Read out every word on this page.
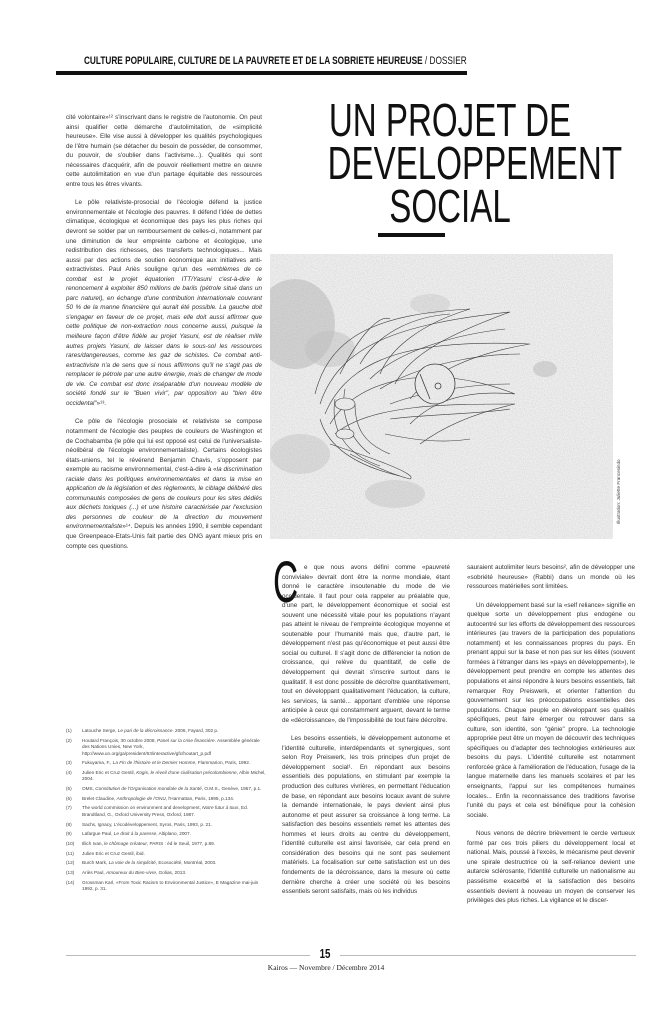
CULTURE POPULAIRE, CULTURE DE LA PAUVRETE ET DE LA SOBRIETE HEUREUSE / DOSSIER

cité volontaire»¹² s'inscrivant dans le registre de l'autonomie. On peut ainsi qualifier cette démarche d'autolimitation, de «simplicité heureuse». Elle vise aussi à développer les qualités psychologiques de l'être humain (se détacher du besoin de posséder, de consommer, du pouvoir, de s'oublier dans l'activisme...). Qualités qui sont nécessaires d'acquérir, afin de pouvoir réellement mettre en œuvre cette autolimitation en vue d'un partage équitable des ressources entre tous les êtres vivants.

Le pôle relativiste-prosocial de l'écologie défend la justice environnementale et l'écologie des pauvres. Il défend l'idée de dettes climatique, écologique et économique des pays les plus riches qui devront se solder par un remboursement de celles-ci, notamment par une diminution de leur empreinte carbone et écologique, une redistribution des richesses, des transferts technologiques... Mais aussi par des actions de soutien économique aux initiatives anti-extractivistes. Paul Ariès souligne qu'un des «emblèmes de ce combat est le projet équatorien ITT/Yasuni c'est-à-dire le renoncement à exploiter 850 millions de barils (pétrole situé dans un parc naturel), en échange d'une contribution internationale couvrant 50 % de la manne financière qui aurait été possible. La gauche doit s'engager en faveur de ce projet, mais elle doit aussi affirmer que cette politique de non-extraction nous concerne aussi, puisque la meilleure façon d'être fidèle au projet Yasuni, est de réaliser mille autres projets Yasuni, de laisser dans le sous-sol les ressources rares/dangereuses, comme les gaz de schistes. Ce combat anti-extractiviste n'a de sens que si nous affirmons qu'il ne s'agit pas de remplacer le pétrole par une autre énergie, mais de changer de mode de vie. Ce combat est donc inséparable d'un nouveau modèle de société fondé sur le "Buen vivir", par opposition au "bien être occidental"»¹³.

Ce pôle de l'écologie prosociale et relativiste se compose notamment de l'écologie des peuples de couleurs de Washington et de Cochabamba (le pôle qui lui est opposé est celui de l'universaliste-néolibéral de l'écologie environnementaliste). Certains écologistes états-uniens, tel le révérend Benjamin Chavis, s'opposent par exemple au racisme environnemental, c'est-à-dire à «la discrimination raciale dans les politiques environnementales et dans la mise en application de la législation et des règlements, le ciblage délibéré des communautés composées de gens de couleurs pour les sites dédiés aux déchets toxiques (...) et une histoire caractérisée par l'exclusion des personnes de couleur de la direction du mouvement environnementaliste»¹⁴. Depuis les années 1990, il semble cependant que Greenpeace-Etats-Unis fait partie des ONG ayant mieux pris en compte ces questions.

UN PROJET DE
DEVELOPPEMENT
SOCIAL
Illustration: Juliette Francesindo
C e que nous avons défini comme «pauvreté conviviale» devrait dont être la norme mondiale, étant donné le caractère insoutenable du mode de vie occidentale. Il faut pour cela rappeler au préalable que, d'une part, le développement économique et social est souvent une nécessité vitale pour les populations n'ayant pas atteint le niveau de l'empreinte écologique moyenne et soutenable pour l'humanité mais que, d'autre part, le développement n'est pas qu'économique et peut aussi être social ou culturel. Il s'agit donc de différencier la notion de croissance, qui relève du quantitatif, de celle de développement qui devrait s'inscrire surtout dans le qualitatif. Il est donc possible de décroître quantitativement, tout en développant qualitativement l'éducation, la culture, les services, la santé... apportant d'emblée une réponse anticipée à ceux qui constamment arguent, devant le terme de «décroissance», de l'impossibilité de tout faire décroître.

Les besoins essentiels, le développement autonome et l'identité culturelle, interdépendants et synergiques, sont selon Roy Preiswerk, les trois principes d'un projet de développement social¹. En répondant aux besoins essentiels des populations, en stimulant par exemple la production des cultures vivrières, en permettant l'éducation de base, en répondant aux besoins locaux avant de suivre la demande internationale, le pays devient ainsi plus autonome et peut assurer sa croissance à long terme. La satisfaction des besoins essentiels remet les attentes des hommes et leurs droits au centre du développement, l'identité culturelle est ainsi favorisée, car cela prend en considération des besoins qui ne sont pas seulement matériels. La focalisation sur cette satisfaction est un des fondements de la décroissance, dans la mesure où cette dernière cherche à créer une société où les besoins essentiels seront satisfaits, mais où les individus

sauraient autolimiter leurs besoins², afin de développer une «sobriété heureuse» (Rabbi) dans un monde où les ressources matérielles sont limitées.

Un développement basé sur la «self reliance» signifie en quelque sorte un développement plus endogène ou autocentré sur les efforts de développement des ressources intérieures (au travers de la participation des populations notamment) et les connaissances propres du pays. En prenant appui sur la base et non pas sur les élites (souvent formées à l'étranger dans les «pays en développement»), le développement peut prendre en compte les attentes des populations et ainsi répondre à leurs besoins essentiels, fait remarquer Roy Preiswerk, et orienter l'attention du gouvernement sur les préoccupations essentielles des populations. Chaque peuple en développant ses qualités spécifiques, peut faire émerger ou retrouver dans sa culture, son identité, son "génie" propre. La technologie appropriée peut être un moyen de découvrir des techniques spécifiques ou d'adapter des technologies extérieures aux besoins du pays. L'identité culturelle est notamment renforcée grâce à l'amélioration de l'éducation, l'usage de la langue maternelle dans les manuels scolaires et par les enseignants, l'appui sur les compétences humaines locales... Enfin la reconnaissance des traditions favorise l'unité du pays et cela est bénéfique pour la cohésion sociale.

Nous venons de décrire brièvement le cercle vertueux formé par ces trois piliers du développement local et national. Mais, poussé à l'excès, le mécanisme peut devenir une spirale destructrice où la self-reliance devient une autarcie sclérosante, l'identité culturelle un nationalisme au passéisme exacerbé et la satisfaction des besoins essentiels devient à nouveau un moyen de conserver les privilèges des plus riches. La vigilance et le discer-

(1)	Latouche Serge, Le pari de la décroissance. 2006, Fayard, 302 p.
(2)	Houtard François, 30 octobre 2008, Panel sur la crise financière. Assemblée générale des Nations Unies, New York, http://www.un.org/ga/president/63/interactive/gfc/houtart_p.pdf
(3)	Fukuyama, F., La Fin de l'histoire et le Dernier Homme, Flammarion, Paris, 1992.
(4)	Julien Eric et Cruz Gentil, Kogis, le réveil d'une civilisation précolombienne, Albin Michel, 2004.
(5)	OMS, Constitution de l'Organisation mondiale de la Santé, O.M.S., Genève, 1967, p.1.
(6)	Brelet Claudine, Anthropologie de l'ONU, l'Harmattan, Paris, 1995, p.134.
(7)	The world commission on environment and development, Notre futur à tous, Ed. Brandtland, G., Oxford University Press, Oxford, 1987.
(8)	Sachs, Ignacy, L'écodéveloppement, Syros, Paris, 1993, p. 21.
(9)	Lafargue Paul, Le droit à la paresse, Altiplano, 2007.
(10)	Illich Ivan, le chômage créateur, PARIS : éd le Seuil, 1977, p.89.
(11)	Julien Eric et Cruz Gentil, ibid.
(12)	Burch Mark, La voie de la simplicité, Ecosociété, Montréal, 2003.
(13)	Ariès Paul, Amoureux du Bien-vivre, Golias, 2013.
(14)	Grossman Karl, «From Toxic Racism to Environmental Justice», E Magazine mai-juin 1992, p. 31.
15
Kairos — Novembre / Décembre 2014
